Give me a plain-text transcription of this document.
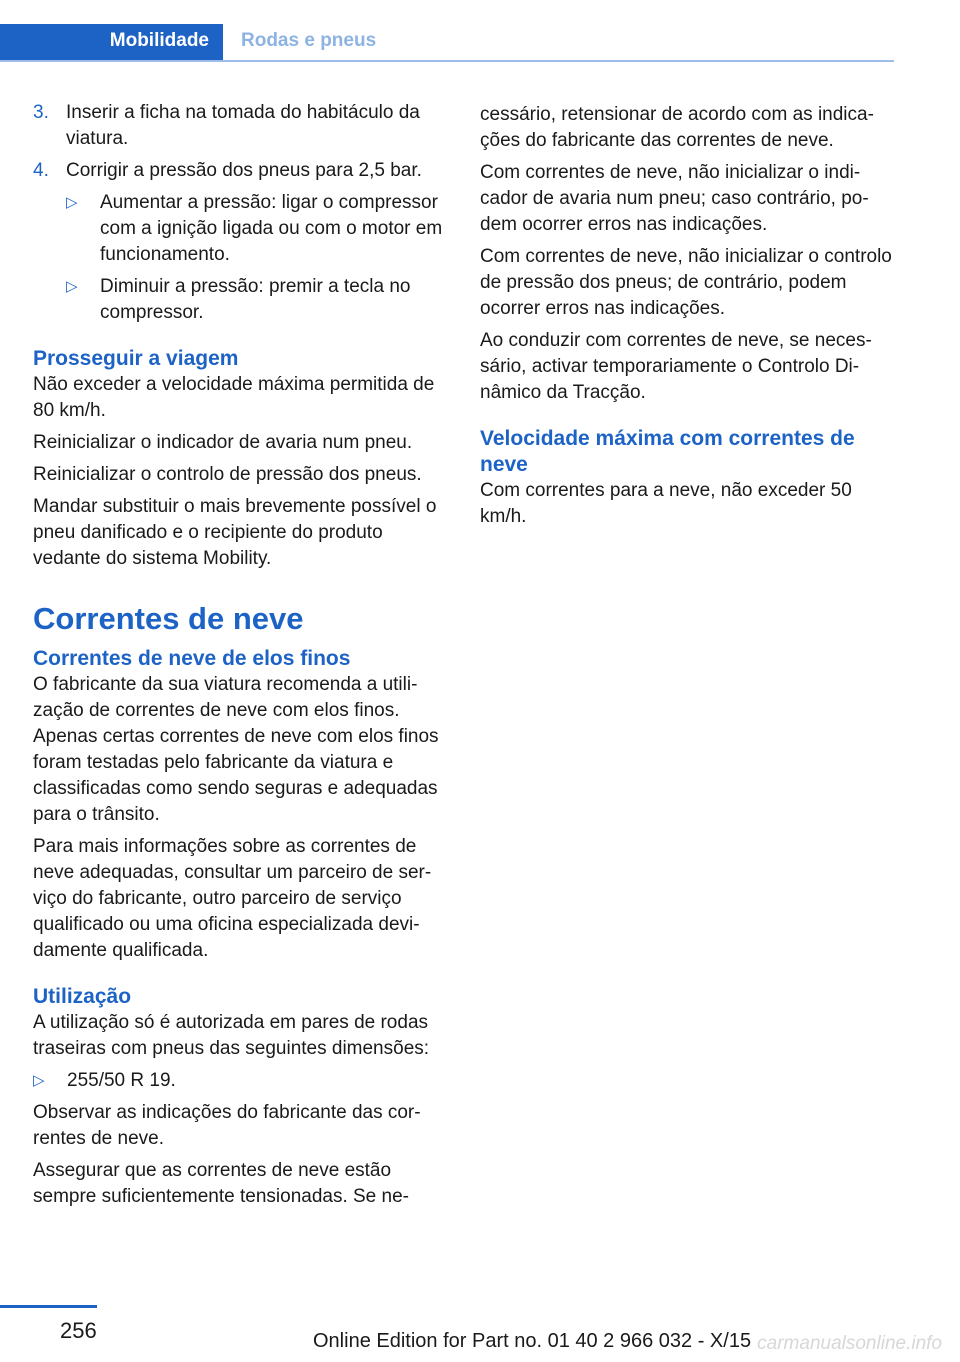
Mobilidade Rodas e pneus
3. Inserir a ficha na tomada do habitáculo da viatura.
4. Corrigir a pressão dos pneus para 2,5 bar.
▷ Aumentar a pressão: ligar o compressor com a ignição ligada ou com o motor em funcionamento.
▷ Diminuir a pressão: premir a tecla no compressor.
Prosseguir a viagem

Não exceder a velocidade máxima permitida de 80 km/h.

Reinicializar o indicador de avaria num pneu.

Reinicializar o controlo de pressão dos pneus.

Mandar substituir o mais brevemente possível o pneu danificado e o recipiente do produto vedante do sistema Mobility.

Correntes de neve
Correntes de neve de elos finos

O fabricante da sua viatura recomenda a utilização de correntes de neve com elos finos. Apenas certas correntes de neve com elos finos foram testadas pelo fabricante da viatura e classificadas como sendo seguras e adequadas para o trânsito.

Para mais informações sobre as correntes de neve adequadas, consultar um parceiro de serviço do fabricante, outro parceiro de serviço qualificado ou uma oficina especializada devidamente qualificada.

Utilização

A utilização só é autorizada em pares de rodas traseiras com pneus das seguintes dimensões:

▷ 255/50 R 19.

Observar as indicações do fabricante das correntes de neve.

Assegurar que as correntes de neve estão sempre suficientemente tensionadas. Se ne-

cessário, retensionar de acordo com as indicações do fabricante das correntes de neve.

Com correntes de neve, não inicializar o indicador de avaria num pneu; caso contrário, podem ocorrer erros nas indicações.

Com correntes de neve, não inicializar o controlo de pressão dos pneus; de contrário, podem ocorrer erros nas indicações.

Ao conduzir com correntes de neve, se necessário, activar temporariamente o Controlo Dinâmico da Tracção.

Velocidade máxima com correntes de neve

Com correntes para a neve, não exceder 50 km/h.

256	Online Edition for Part no. 01 40 2 966 032 - X/15 carmanualsonline.info
